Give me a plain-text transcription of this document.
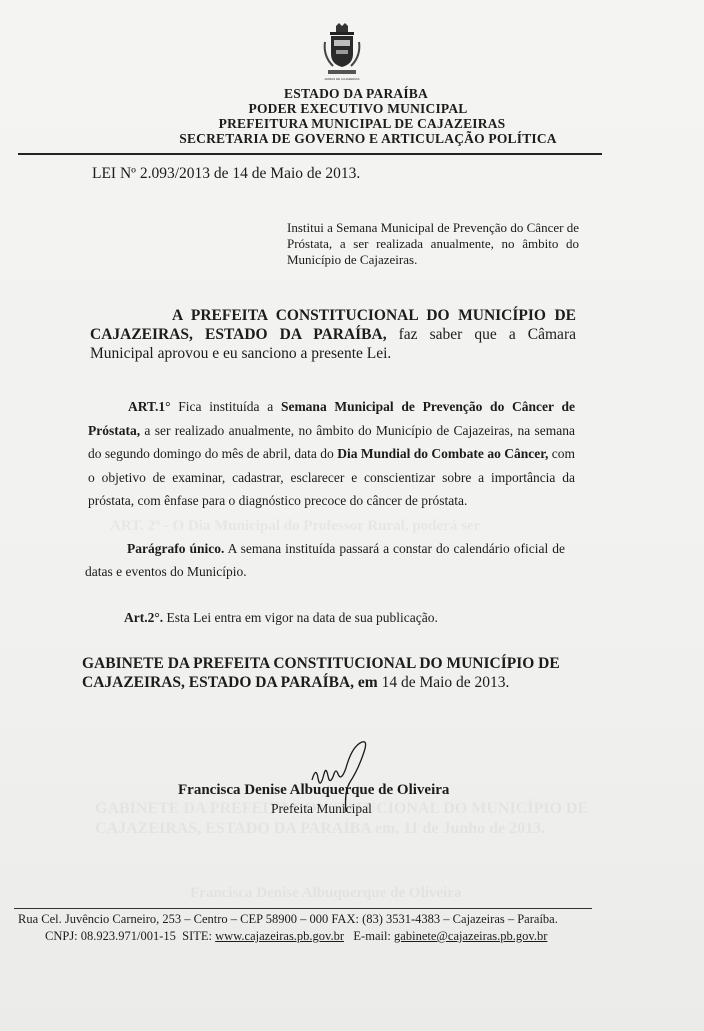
ARMAS DE CAJAZEIRAS
ESTADO DA PARAÍBA
PODER EXECUTIVO MUNICIPAL
PREFEITURA MUNICIPAL DE CAJAZEIRAS
SECRETARIA DE GOVERNO E ARTICULAÇÃO POLÍTICA
LEI Nº 2.093/2013 de 14 de Maio de 2013.
Institui a Semana Municipal de Prevenção do Câncer de Próstata, a ser realizada anualmente, no âmbito do Município de Cajazeiras.
A PREFEITA CONSTITUCIONAL DO MUNICÍPIO DE CAJAZEIRAS, ESTADO DA PARAÍBA, faz saber que a Câmara Municipal aprovou e eu sanciono a presente Lei.
ART.1° Fica instituída a Semana Municipal de Prevenção do Câncer de Próstata, a ser realizado anualmente, no âmbito do Município de Cajazeiras, na semana do segundo domingo do mês de abril, data do Dia Mundial do Combate ao Câncer, com o objetivo de examinar, cadastrar, esclarecer e conscientizar sobre a importância da próstata, com ênfase para o diagnóstico precoce do câncer de próstata.
Parágrafo único. A semana instituída passará a constar do calendário oficial de datas e eventos do Município.
Art.2°. Esta Lei entra em vigor na data de sua publicação.
GABINETE DA PREFEITA CONSTITUCIONAL DO MUNICÍPIO DE CAJAZEIRAS, ESTADO DA PARAÍBA, em 14 de Maio de 2013.
Francisca Denise Albuquerque de Oliveira
Prefeita Municipal
Rua Cel. Juvêncio Carneiro, 253 – Centro – CEP 58900 – 000 FAX: (83) 3531-4383 – Cajazeiras – Paraíba.
CNPJ: 08.923.971/001-15 SITE: www.cajazeiras.pb.gov.br E-mail: gabinete@cajazeiras.pb.gov.br
